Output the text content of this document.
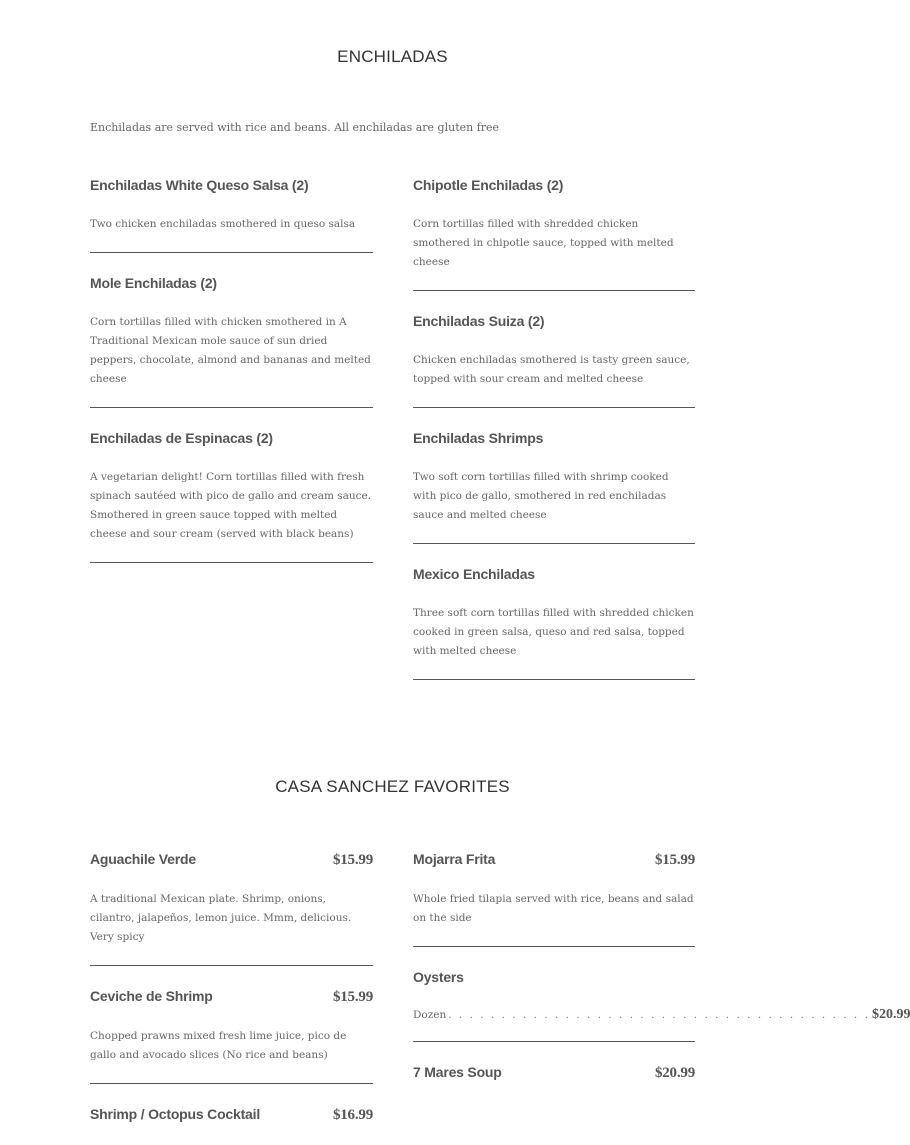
ENCHILADAS
Enchiladas are served with rice and beans. All enchiladas are gluten free
Enchiladas White Queso Salsa (2)
Two chicken enchiladas smothered in queso salsa
Mole Enchiladas (2)
Corn tortillas filled with chicken smothered in A Traditional Mexican mole sauce of sun dried peppers, chocolate, almond and bananas and melted cheese
Enchiladas de Espinacas (2)
A vegetarian delight! Corn tortillas filled with fresh spinach sautéed with pico de gallo and cream sauce. Smothered in green sauce topped with melted cheese and sour cream (served with black beans)
Chipotle Enchiladas (2)
Corn tortillas filled with shredded chicken smothered in chipotle sauce, topped with melted cheese
Enchiladas Suiza (2)
Chicken enchiladas smothered is tasty green sauce, topped with sour cream and melted cheese
Enchiladas Shrimps
Two soft corn tortillas filled with shrimp cooked with pico de gallo, smothered in red enchiladas sauce and melted cheese
Mexico Enchiladas
Three soft corn tortillas filled with shredded chicken cooked in green salsa, queso and red salsa, topped with melted cheese
CASA SANCHEZ FAVORITES
Aguachile Verde	$15.99
A traditional Mexican plate. Shrimp, onions, cilantro, jalapeños, lemon juice. Mmm, delicious. Very spicy
Ceviche de Shrimp	$15.99
Chopped prawns mixed fresh lime juice, pico de gallo and avocado slices (No rice and beans)
Shrimp / Octopus Cocktail	$16.99
Mojarra Frita	$15.99
Whole fried tilapia served with rice, beans and salad on the side
Oysters
Dozen . . . . . . . . . . . . . . . . . . . . . . . . . . . . . . . . . . . . . . . . $20.99
7 Mares Soup	$20.99
